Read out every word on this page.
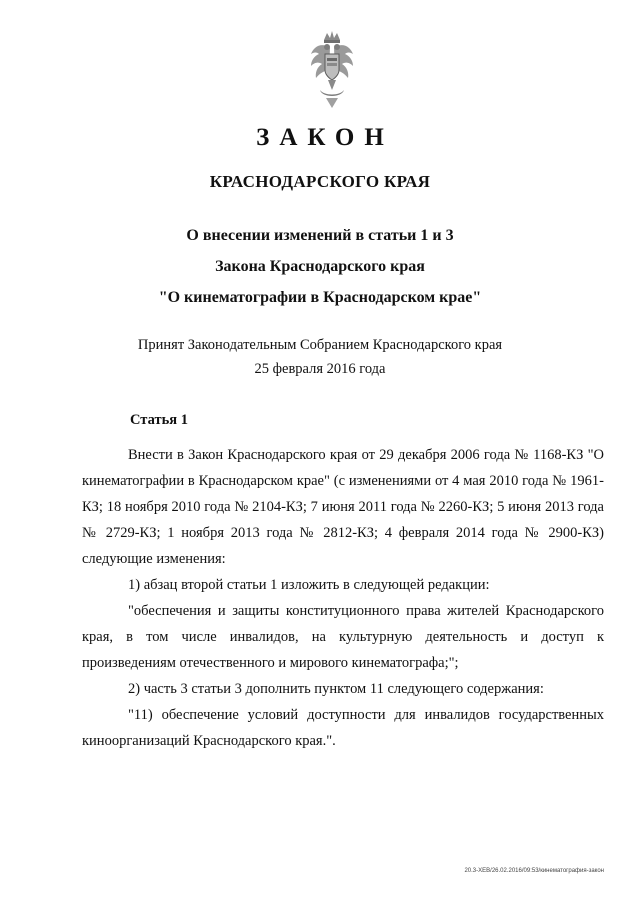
ЗАКОН
КРАСНОДАРСКОГО КРАЯ
О внесении изменений в статьи 1 и 3
Закона Краснодарского края
"О кинематографии в Краснодарском крае"
Принят Законодательным Собранием Краснодарского края
25 февраля 2016 года
Статья 1

Внести в Закон Краснодарского края от 29 декабря 2006 года № 1168-КЗ "О кинематографии в Краснодарском крае" (с изменениями от 4 мая 2010 года № 1961-КЗ; 18 ноября 2010 года № 2104-КЗ; 7 июня 2011 года № 2260-КЗ; 5 июня 2013 года № 2729-КЗ; 1 ноября 2013 года № 2812-КЗ; 4 февраля 2014 года № 2900-КЗ) следующие изменения:

1) абзац второй статьи 1 изложить в следующей редакции:

"обеспечения и защиты конституционного права жителей Краснодарского края, в том числе инвалидов, на культурную деятельность и доступ к произведениям отечественного и мирового кинематографа;";

2) часть 3 статьи 3 дополнить пунктом 11 следующего содержания:

"11) обеспечение условий доступности для инвалидов государственных киноорганизаций Краснодарского края.".

20.3-ХЕВ/26.02.2016/09:53/кинематография-закон
